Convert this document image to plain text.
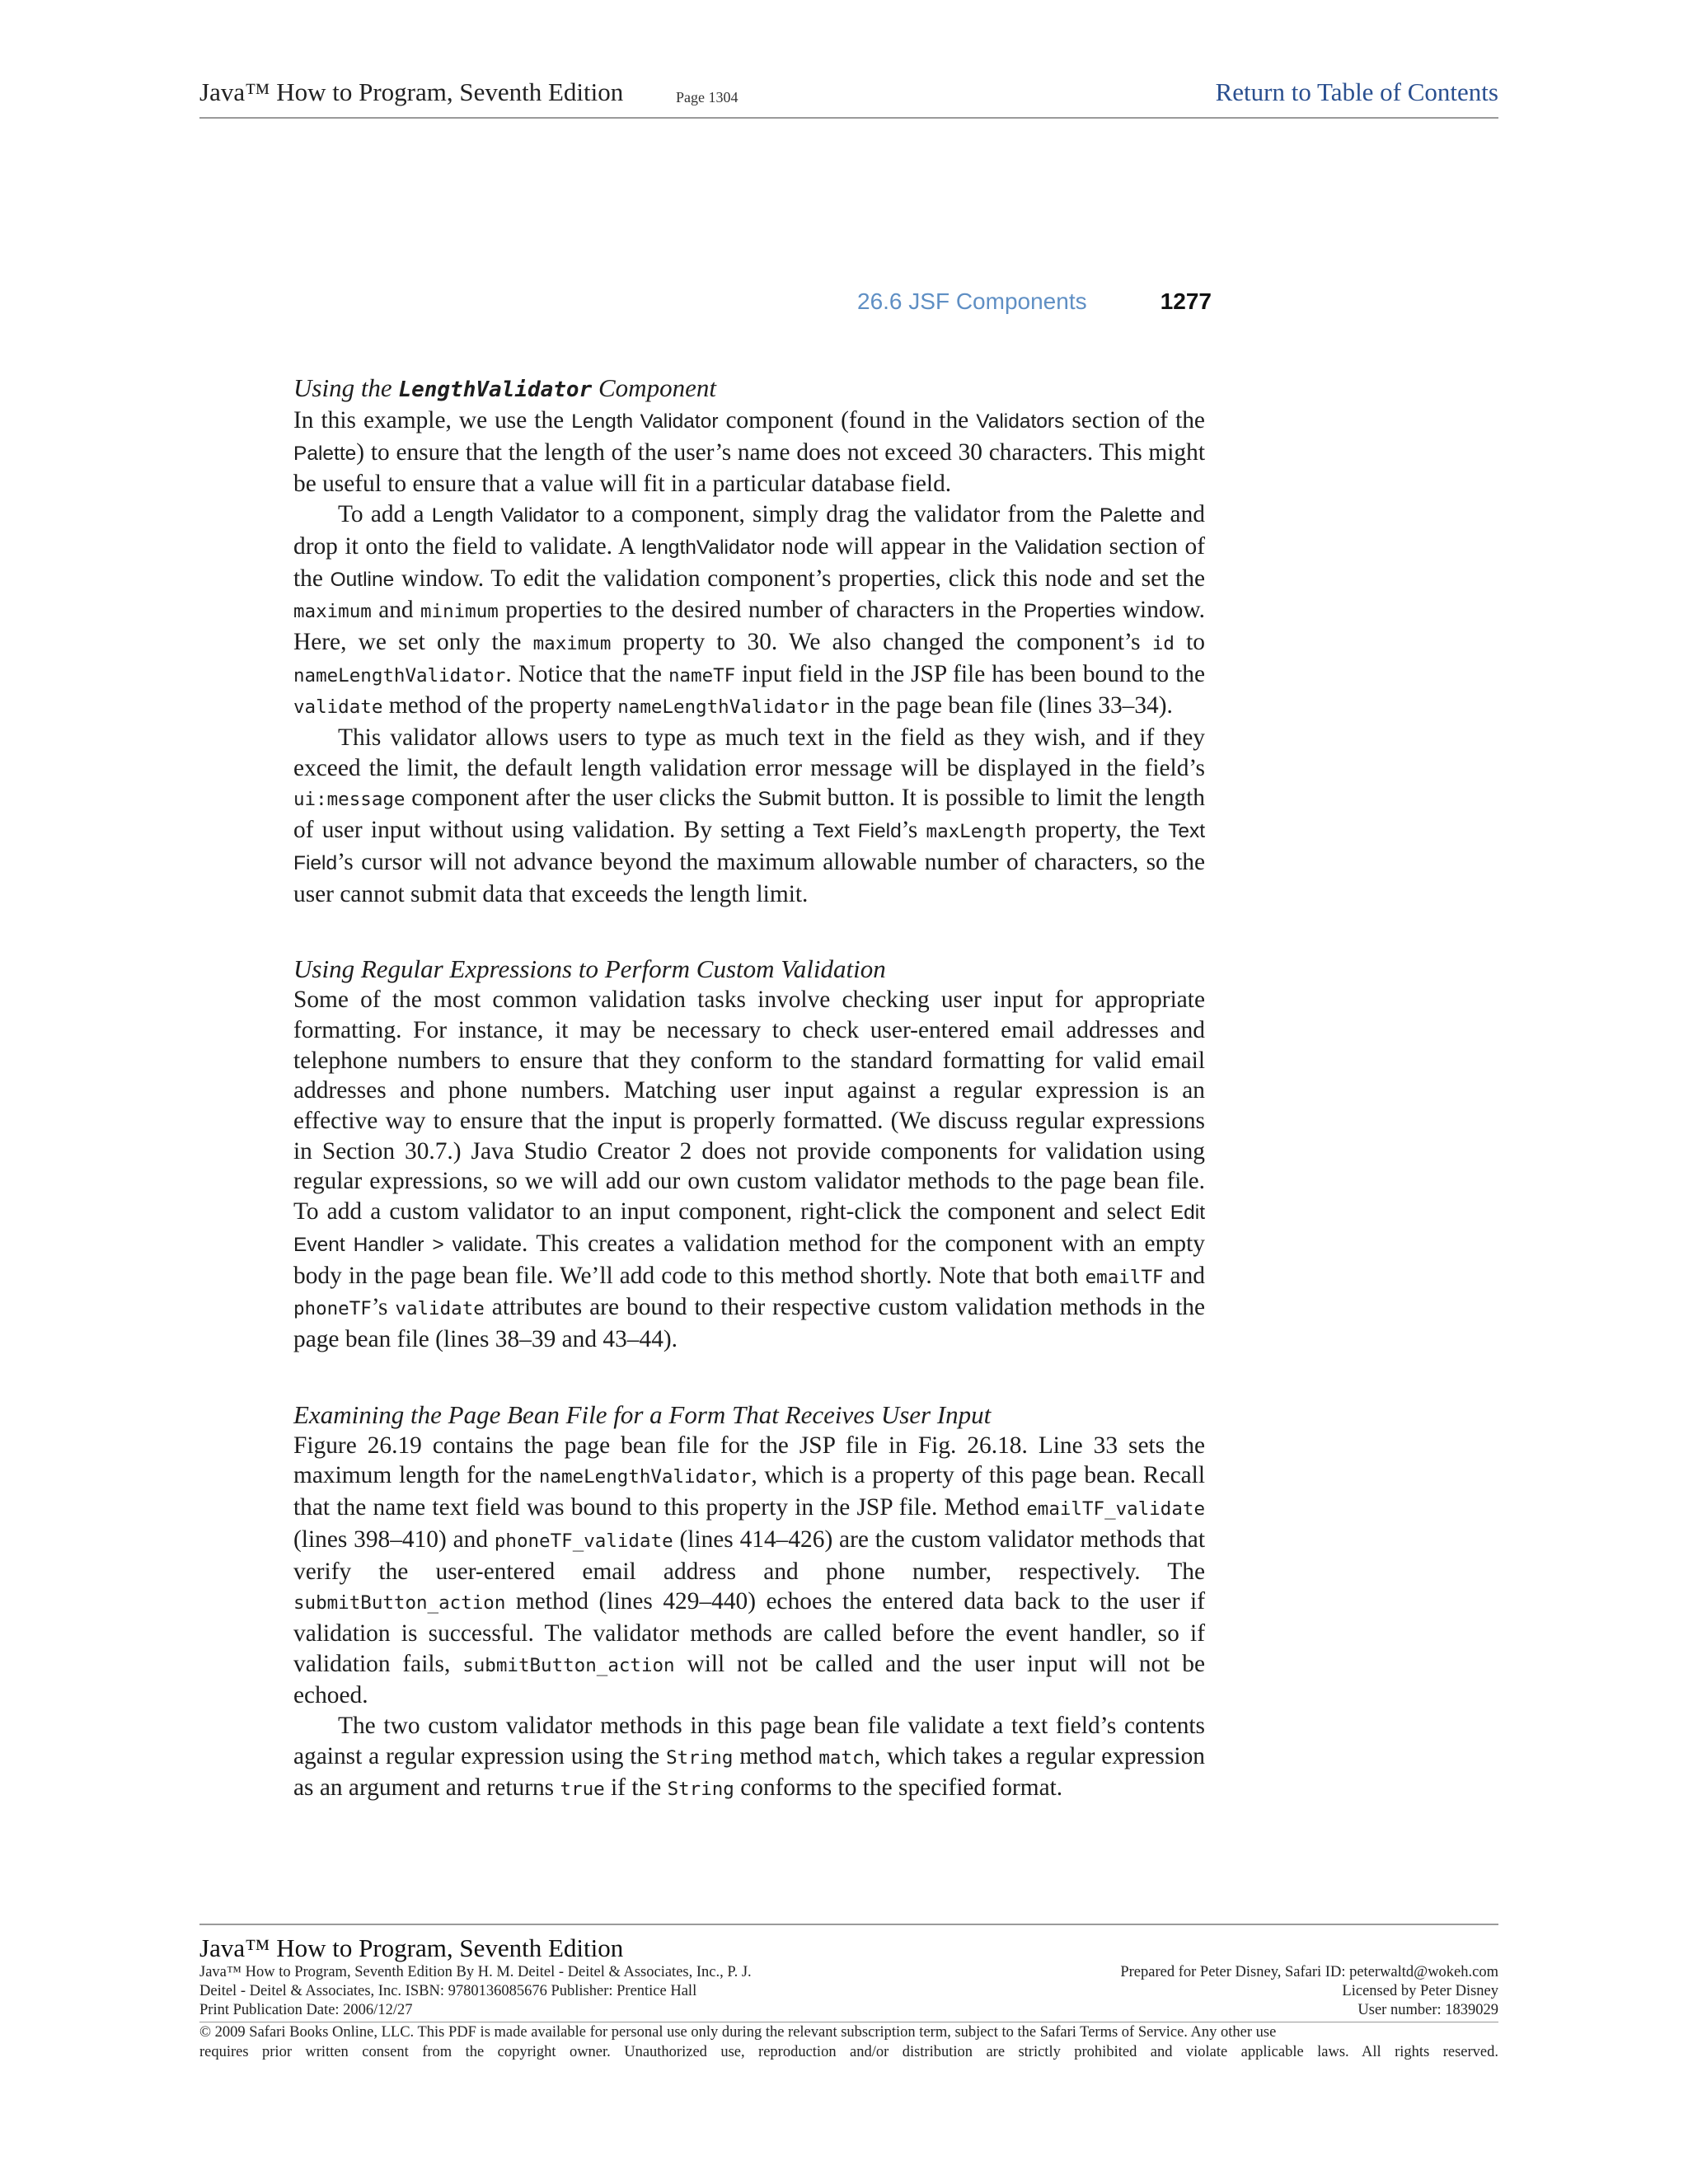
Java™ How to Program, Seventh Edition	Page 1304	Return to Table of Contents
26.6 JSF Components	1277
Using the LengthValidator Component

In this example, we use the Length Validator component (found in the Validators section of the Palette) to ensure that the length of the user’s name does not exceed 30 characters. This might be useful to ensure that a value will fit in a particular database field.

To add a Length Validator to a component, simply drag the validator from the Palette and drop it onto the field to validate. A lengthValidator node will appear in the Validation section of the Outline window. To edit the validation component’s properties, click this node and set the maximum and minimum properties to the desired number of characters in the Properties window. Here, we set only the maximum property to 30. We also changed the component’s id to nameLengthValidator. Notice that the nameTF input field in the JSP file has been bound to the validate method of the property nameLengthValidator in the page bean file (lines 33–34).

This validator allows users to type as much text in the field as they wish, and if they exceed the limit, the default length validation error message will be displayed in the field’s ui:message component after the user clicks the Submit button. It is possible to limit the length of user input without using validation. By setting a Text Field’s maxLength property, the Text Field’s cursor will not advance beyond the maximum allowable number of characters, so the user cannot submit data that exceeds the length limit.

Using Regular Expressions to Perform Custom Validation

Some of the most common validation tasks involve checking user input for appropriate formatting. For instance, it may be necessary to check user-entered email addresses and telephone numbers to ensure that they conform to the standard formatting for valid email addresses and phone numbers. Matching user input against a regular expression is an effective way to ensure that the input is properly formatted. (We discuss regular expressions in Section 30.7.) Java Studio Creator 2 does not provide components for validation using regular expressions, so we will add our own custom validator methods to the page bean file. To add a custom validator to an input component, right-click the component and select Edit Event Handler > validate. This creates a validation method for the component with an empty body in the page bean file. We’ll add code to this method shortly. Note that both emailTF and phoneTF’s validate attributes are bound to their respective custom validation methods in the page bean file (lines 38–39 and 43–44).

Examining the Page Bean File for a Form That Receives User Input

Figure 26.19 contains the page bean file for the JSP file in Fig. 26.18. Line 33 sets the maximum length for the nameLengthValidator, which is a property of this page bean. Recall that the name text field was bound to this property in the JSP file. Method emailTF_validate (lines 398–410) and phoneTF_validate (lines 414–426) are the custom validator methods that verify the user-entered email address and phone number, respectively. The submitButton_action method (lines 429–440) echoes the entered data back to the user if validation is successful. The validator methods are called before the event handler, so if validation fails, submitButton_action will not be called and the user input will not be echoed.

The two custom validator methods in this page bean file validate a text field’s contents against a regular expression using the String method match, which takes a regular expression as an argument and returns true if the String conforms to the specified format.

Java™ How to Program, Seventh Edition
Java™ How to Program, Seventh Edition By H. M. Deitel - Deitel & Associates, Inc., P. J.	Prepared for Peter Disney, Safari ID: peterwaltd@wokeh.com
Deitel - Deitel & Associates, Inc. ISBN: 9780136085676 Publisher: Prentice Hall	Licensed by Peter Disney
Print Publication Date: 2006/12/27	User number: 1839029
© 2009 Safari Books Online, LLC. This PDF is made available for personal use only during the relevant subscription term, subject to the Safari Terms of Service. Any other use
requires prior written consent from the copyright owner. Unauthorized use, reproduction and/or distribution are strictly prohibited and violate applicable laws. All rights reserved.
